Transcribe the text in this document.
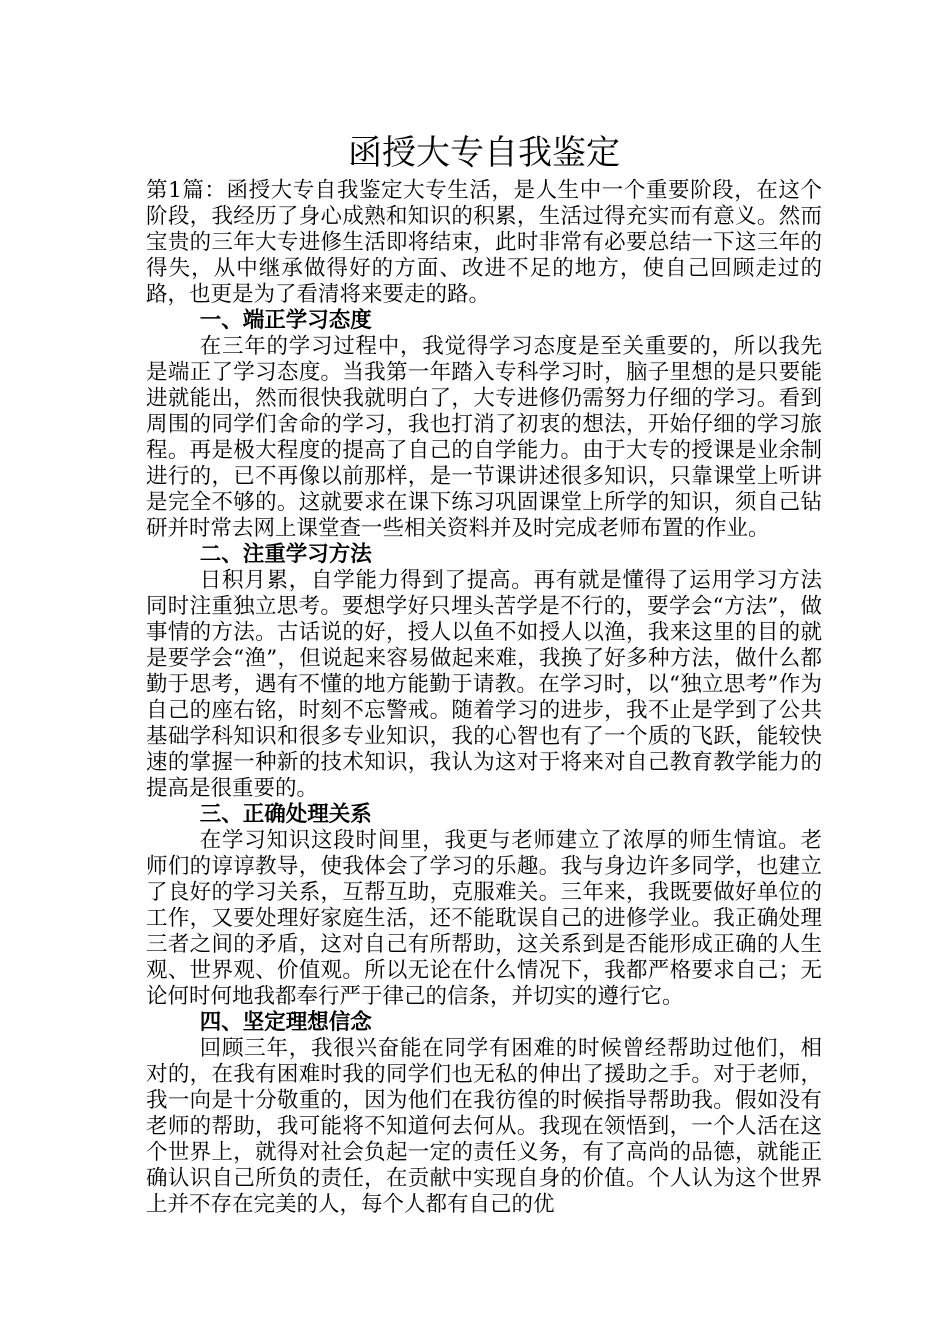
函授大专自我鉴定

第1篇：函授大专自我鉴定大专生活，是人生中一个重要阶段，在这个阶段，我经历了身心成熟和知识的积累，生活过得充实而有意义。然而宝贵的三年大专进修生活即将结束，此时非常有必要总结一下这三年的得失，从中继承做得好的方面、改进不足的地方，使自己回顾走过的路，也更是为了看清将来要走的路。

一、端正学习态度

在三年的学习过程中，我觉得学习态度是至关重要的，所以我先是端正了学习态度。当我第一年踏入专科学习时，脑子里想的是只要能进就能出，然而很快我就明白了，大专进修仍需努力仔细的学习。看到周围的同学们舍命的学习，我也打消了初衷的想法，开始仔细的学习旅程。再是极大程度的提高了自己的自学能力。由于大专的授课是业余制进行的，已不再像以前那样，是一节课讲述很多知识，只靠课堂上听讲是完全不够的。这就要求在课下练习巩固课堂上所学的知识，须自己钻研并时常去网上课堂查一些相关资料并及时完成老师布置的作业。

二、注重学习方法

日积月累，自学能力得到了提高。再有就是懂得了运用学习方法同时注重独立思考。要想学好只埋头苦学是不行的，要学会“方法”，做事情的方法。古话说的好，授人以鱼不如授人以渔，我来这里的目的就是要学会“渔”，但说起来容易做起来难，我换了好多种方法，做什么都勤于思考，遇有不懂的地方能勤于请教。在学习时，以“独立思考”作为自己的座右铭，时刻不忘警戒。随着学习的进步，我不止是学到了公共基础学科知识和很多专业知识，我的心智也有了一个质的飞跃，能较快速的掌握一种新的技术知识，我认为这对于将来对自己教育教学能力的提高是很重要的。

三、正确处理关系

在学习知识这段时间里，我更与老师建立了浓厚的师生情谊。老师们的谆谆教导，使我体会了学习的乐趣。我与身边许多同学，也建立了良好的学习关系，互帮互助，克服难关。三年来，我既要做好单位的工作，又要处理好家庭生活，还不能耽误自己的进修学业。我正确处理三者之间的矛盾，这对自己有所帮助，这关系到是否能形成正确的人生观、世界观、价值观。所以无论在什么情况下，我都严格要求自己；无论何时何地我都奉行严于律己的信条，并切实的遵行它。

四、坚定理想信念

回顾三年，我很兴奋能在同学有困难的时候曾经帮助过他们，相对的，在我有困难时我的同学们也无私的伸出了援助之手。对于老师，我一向是十分敬重的，因为他们在我彷徨的时候指导帮助我。假如没有老师的帮助，我可能将不知道何去何从。我现在领悟到，一个人活在这个世界上，就得对社会负起一定的责任义务，有了高尚的品德，就能正确认识自己所负的责任，在贡献中实现自身的价值。个人认为这个世界上并不存在完美的人，每个人都有自己的优
